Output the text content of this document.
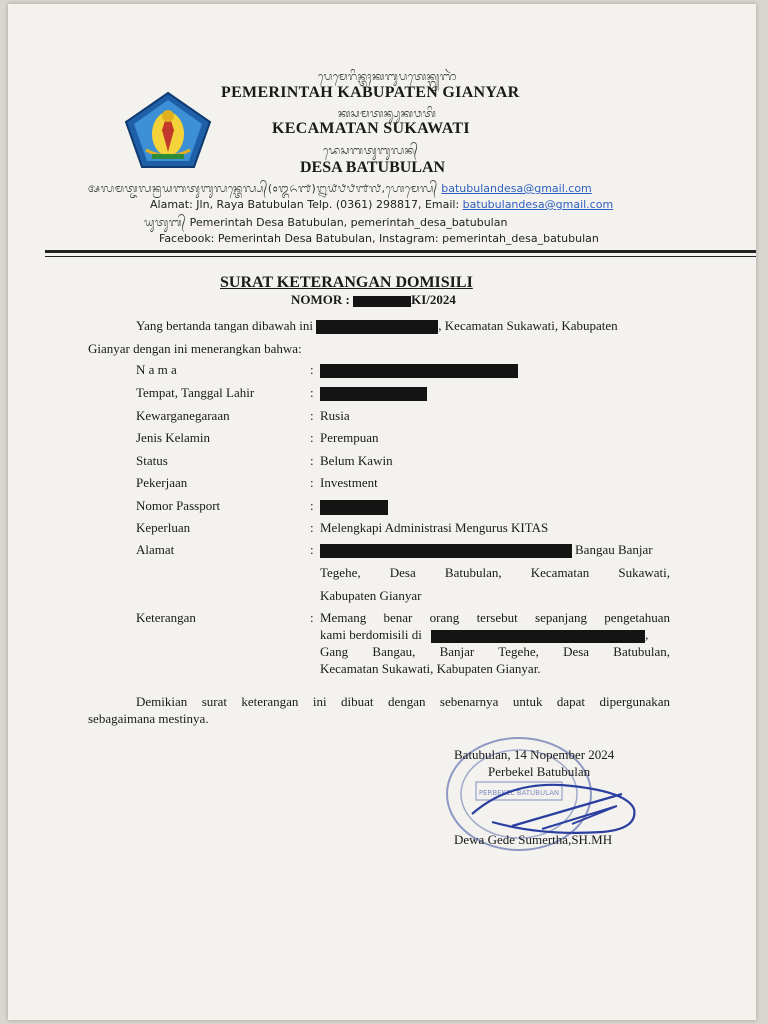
ᬧᬾᬫᬾᬭᬶᬦ᭄ᬢᬄᬓᬩᬸᬧᬢᬾᬦ᭄ᬕ᭄ᬬᬜᬃ
PEMERINTAH KABUPATEN GIANYAR
ᬓᬲᬫᬢᬦ᭄ᬲᬸᬓᬯᬢᬶ
KECAMATAN SUKAWATI
ᬤᬾᬲᬩᬢᬸᬩᬸᬮᬦ᭄
DESA BATUBULAN
ᬅᬮᬫᬢ᭄ᬚᬮᬦ᭄ᬭᬬᬩᬢᬸᬩᬸᬮᬦ᭄ᬢᬾᬮ᭄ᬧ᭄(᭐᭓᭖᭑)᭒᭙᭘᭘᭑᭗,ᬳᬾᬫᬾᬮ᭄ batubulandesa@gmail.com
Alamat: Jln, Raya Batubulan Telp. (0361) 298817, Email: batubulandesa@gmail.com
ᬬᬸᬢᬸᬩ᭄ Pemerintah Desa Batubulan, pemerintah_desa_batubulan
Facebook: Pemerintah Desa Batubulan, Instagram: pemerintah_desa_batubulan
SURAT KETERANGAN DOMISILI
NOMOR :	KI/2024
Yang bertanda tangan dibawah ini	, Kecamatan Sukawati, Kabupaten
Gianyar dengan ini menerangkan bahwa:
N a m a	:
Tempat, Tanggal Lahir	:
Kewarganegaraan	: Rusia
Jenis Kelamin	: Perempuan
Status	: Belum Kawin
Pekerjaan	: Investment
Nomor Passport	:
Keperluan	: Melengkapi Administrasi Mengurus KITAS
Alamat	:	Bangau Banjar
Tegehe, Desa Batubulan, Kecamatan Sukawati,
Kabupaten Gianyar
Keterangan	: Memang benar orang tersebut sepanjang pengetahuan
kami berdomisili di	,
Gang Bangau, Banjar Tegehe, Desa Batubulan,
Kecamatan Sukawati, Kabupaten Gianyar.
Demikian surat keterangan ini dibuat dengan sebenarnya untuk dapat dipergunakan
sebagaimana mestinya.
PERBEKEL BATUBULAN
Batubulan, 14 Nopember 2024
Perbekel Batubulan
Dewa Gede Sumertha,SH.MH
